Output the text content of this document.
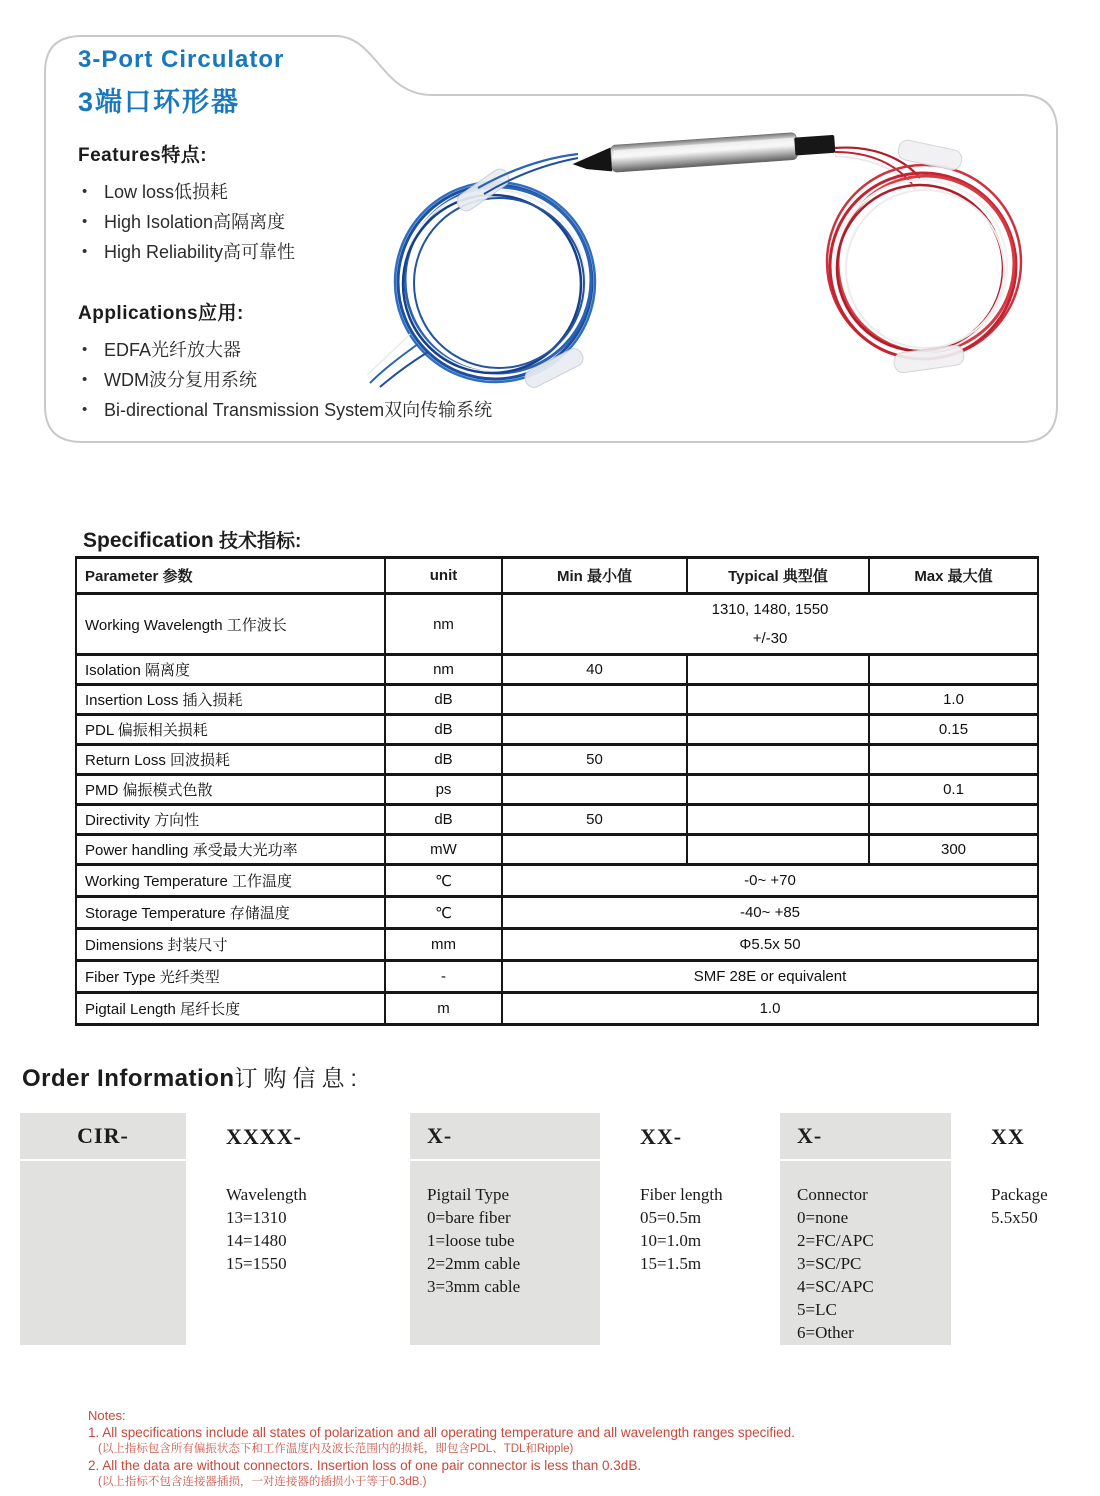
3-Port Circulator
3端口环形器
Features特点:
• Low loss低损耗
• High Isolation高隔离度
• High Reliability高可靠性
Applications应用:
• EDFA光纤放大器
• WDM波分复用系统
• Bi-directional Transmission System双向传输系统
Specification 技术指标:
Parameter 参数	unit	Min 最小值	Typical 典型值	Max 最大值
Working Wavelength 工作波长	nm	1310, 1480, 1550
+/-30		

Isolation 隔离度	nm	40		
Insertion Loss 插入损耗	dB			1.0
PDL 偏振相关损耗	dB			0.15
Return Loss 回波损耗	dB	50		
PMD 偏振模式色散	ps			0.1
Directivity 方向性	dB	50		
Power handling 承受最大光功率	mW			300
Working Temperature 工作温度	℃	-0~ +70		

Storage Temperature 存储温度	℃	-40~ +85		

Dimensions 封装尺寸	mm	Φ5.5x 50		

Fiber Type 光纤类型	-	SMF 28E or equivalent		

Pigtail Length 尾纤长度	m	1.0		
Order Information订购信息:
CIR-	XXXX-
Wavelength
13=1310
14=1480
15=1550
X-
Pigtail Type
0=bare fiber
1=loose tube
2=2mm cable
3=3mm cable
XX-
Fiber length
05=0.5m
10=1.0m
15=1.5m
X-
Connector
0=none
2=FC/APC
3=SC/PC
4=SC/APC
5=LC
6=Other
XX
Package
5.5x50
Notes:
1. All specifications include all states of polarization and all operating temperature and all wavelength ranges specified.
(以上指标包含所有偏振状态下和工作温度内及波长范围内的损耗，即包含PDL、TDL和Ripple)
2. All the data are without connectors. Insertion loss of one pair connector is less than 0.3dB.
(以上指标不包含连接器插损，一对连接器的插损小于等于0.3dB.)
